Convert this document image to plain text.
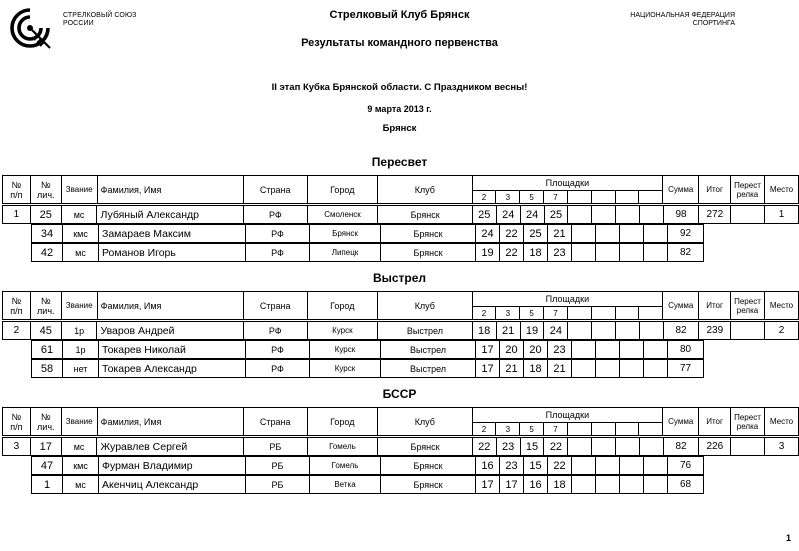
СТРЕЛКОВЫЙ СОЮЗ
РОССИИ
Стрелковый Клуб Брянск	НАЦИОНАЛЬНАЯ ФЕДЕРАЦИЯ
СПОРТИНГА
Результаты командного первенства
II этап Кубка Брянской области. С Праздником весны!
9 марта 2013 г.
Брянск
Пересвет
№
п/п	№
лич.	Звание	Фамилия, Имя	Страна	Город	Клуб	Площадки								Сумма	Итог	Перест
релка	Место
							2	3	5	7								
1	25	мс	Лубяный Александр	РФ	Смоленск	Брянск	25	24	24	25					98	272		1
34	кмс	Замараев Максим	РФ	Брянск	Брянск	24	22	25	21					92
42	мс	Романов Игорь	РФ	Липецк	Брянск	19	22	18	23					82
Выстрел
№
п/п	№
лич.	Звание	Фамилия, Имя	Страна	Город	Клуб	Площадки								Сумма	Итог	Перест
релка	Место
							2	3	5	7								
2	45	1р	Уваров Андрей	РФ	Курск	Выстрел	18	21	19	24					82	239		2
61	1р	Токарев Николай	РФ	Курск	Выстрел	17	20	20	23					80
58	нет	Токарев Александр	РФ	Курск	Выстрел	17	21	18	21					77
БССР
№
п/п	№
лич.	Звание	Фамилия, Имя	Страна	Город	Клуб	Площадки								Сумма	Итог	Перест
релка	Место
							2	3	5	7								
3	17	мс	Журавлев Сергей	РБ	Гомель	Брянск	22	23	15	22					82	226		3
47	кмс	Фурман Владимир	РБ	Гомель	Брянск	16	23	15	22					76
1	мс	Акенчиц Александр	РБ	Ветка	Брянск	17	17	16	18					68
1
